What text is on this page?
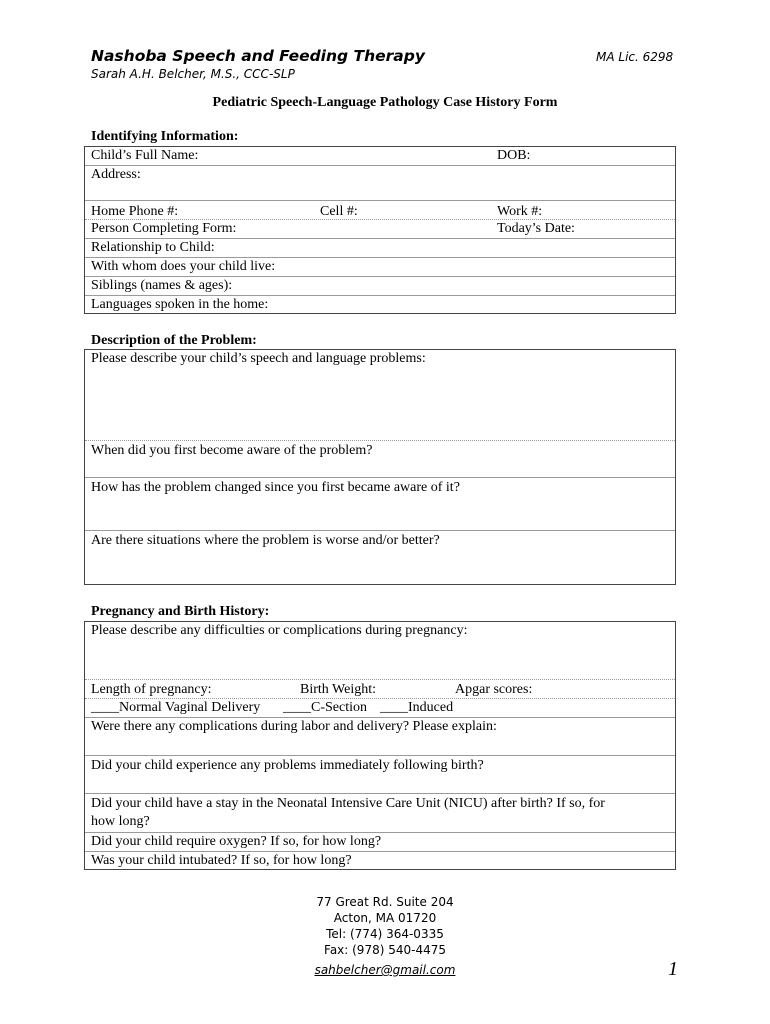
Nashoba Speech and Feeding Therapy
Sarah A.H. Belcher, M.S., CCC-SLP
MA Lic. 6298
Pediatric Speech-Language Pathology Case History Form
Identifying Information:
Child’s Full Name:	DOB:
Address:
Home Phone #:	Cell #:	Work #:
Person Completing Form:	Today’s Date:
Relationship to Child:
With whom does your child live:
Siblings (names & ages):
Languages spoken in the home:
Description of the Problem:
Please describe your child’s speech and language problems:
When did you first become aware of the problem?
How has the problem changed since you first became aware of it?
Are there situations where the problem is worse and/or better?
Pregnancy and Birth History:
Please describe any difficulties or complications during pregnancy:
Length of pregnancy:	Birth Weight:	Apgar scores:
____Normal Vaginal Delivery ____C-Section ____Induced
Were there any complications during labor and delivery? Please explain:
Did your child experience any problems immediately following birth?
Did your child have a stay in the Neonatal Intensive Care Unit (NICU) after birth? If so, for
how long?
Did your child require oxygen? If so, for how long?
Was your child intubated? If so, for how long?
77 Great Rd. Suite 204
Acton, MA 01720
Tel: (774) 364-0335
Fax: (978) 540-4475
sahbelcher@gmail.com	1
